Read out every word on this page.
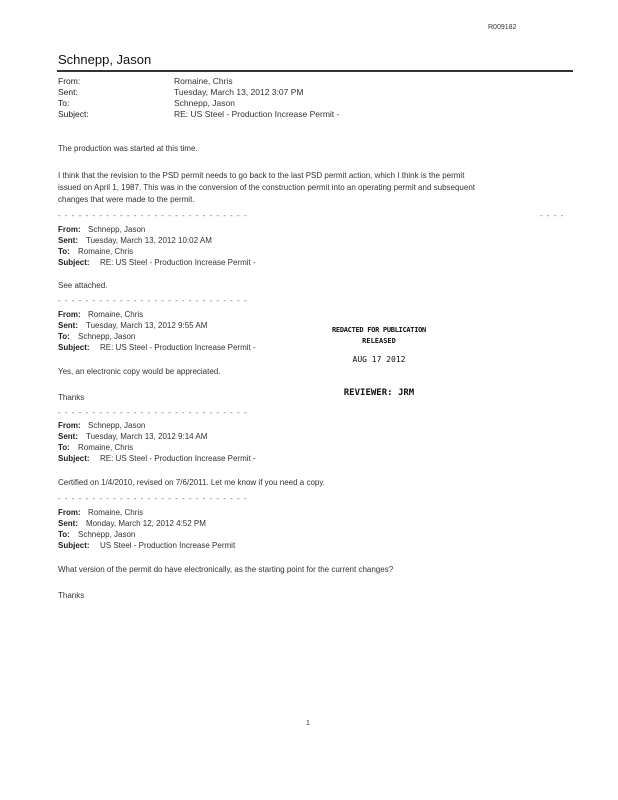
R009182
Schnepp, Jason
From:	Romaine, Chris
Sent:	Tuesday, March 13, 2012 3:07 PM
To:	Schnepp, Jason
Subject:	RE: US Steel - Production Increase Permit -
The production was started at this time.
I think that the revision to the PSD permit needs to go back to the last PSD permit action, which I think is the permit
issued on April 1, 1987. This was in the conversion of the construction permit into an operating permit and subsequent
changes that were made to the permit.
- - - - - - - - - - - - - - - - - - - - - - - - - - - -	- - - -
From: Schnepp, Jason
Sent: Tuesday, March 13, 2012 10:02 AM
To: Romaine, Chris
Subject: RE: US Steel - Production Increase Permit -
See attached.
- - - - - - - - - - - - - - - - - - - - - - - - - - - -
From: Romaine, Chris
Sent: Tuesday, March 13, 2012 9:55 AM
To: Schnepp, Jason
Subject: RE: US Steel - Production Increase Permit -
REDACTED FOR PUBLICATION
RELEASED
AUG 17 2012
REVIEWER: JRM
Yes, an electronic copy would be appreciated.
Thanks
- - - - - - - - - - - - - - - - - - - - - - - - - - - -
From: Schnepp, Jason
Sent: Tuesday, March 13, 2012 9:14 AM
To: Romaine, Chris
Subject: RE: US Steel - Production Increase Permit -
Certified on 1/4/2010, revised on 7/6/2011. Let me know if you need a copy.
- - - - - - - - - - - - - - - - - - - - - - - - - - - -
From: Romaine, Chris
Sent: Monday, March 12, 2012 4:52 PM
To: Schnepp, Jason
Subject: US Steel - Production Increase Permit
What version of the permit do have electronically, as the starting point for the current changes?
Thanks
1
